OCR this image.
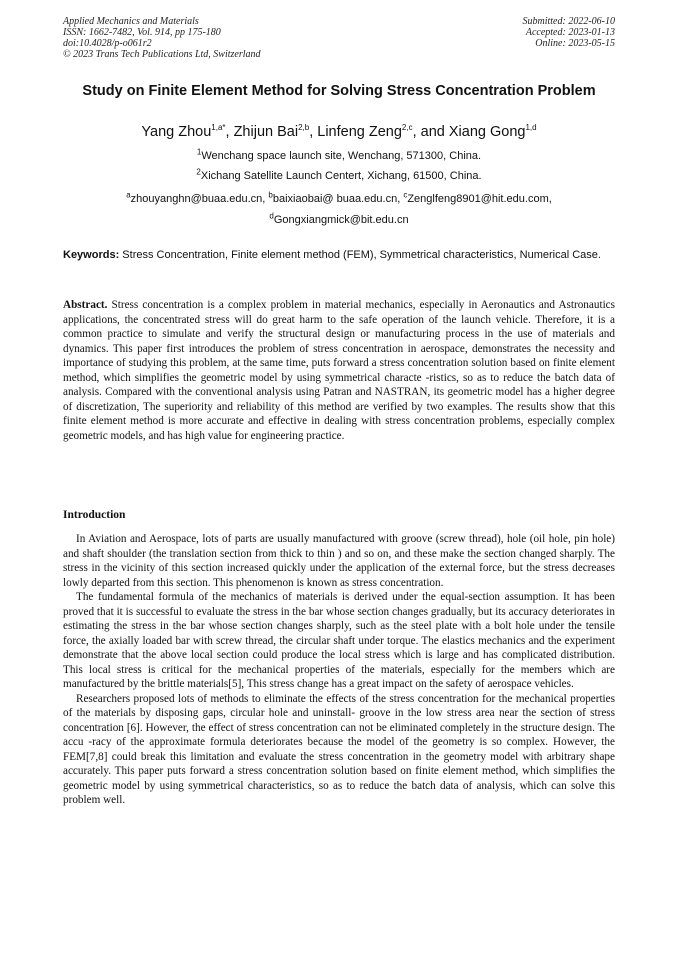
Applied Mechanics and Materials
ISSN: 1662-7482, Vol. 914, pp 175-180
doi:10.4028/p-o061r2
© 2023 Trans Tech Publications Ltd, Switzerland
Submitted: 2022-06-10
Accepted: 2023-01-13
Online: 2023-05-15
Study on Finite Element Method for Solving Stress Concentration Problem
Yang Zhou$^{1,a*}$, Zhijun Bai$^{2,b}$, Linfeng Zeng$^{2,c}$, and Xiang Gong$^{1,d}$
$^1$Wenchang space launch site, Wenchang, 571300, China.
$^2$Xichang Satellite Launch Centert, Xichang, 61500, China.
$^a$zhouyanghn@buaa.edu.cn, $^b$baixiaobai@ buaa.edu.cn, $^c$Zenglfeng8901@hit.edu.com,
$^d$Gongxiangmick@bit.edu.cn
Keywords: Stress Concentration, Finite element method (FEM), Symmetrical characteristics, Numerical Case.
Abstract. Stress concentration is a complex problem in material mechanics, especially in Aeronautics and Astronautics applications, the concentrated stress will do great harm to the safe operation of the launch vehicle. Therefore, it is a common practice to simulate and verify the structural design or manufacturing process in the use of materials and dynamics. This paper first introduces the problem of stress concentration in aerospace, demonstrates the necessity and importance of studying this problem, at the same time, puts forward a stress concentration solution based on finite element method, which simplifies the geometric model by using symmetrical characte -ristics, so as to reduce the batch data of analysis. Compared with the conventional analysis using Patran and NASTRAN, its geometric model has a higher degree of discretization, The superiority and reliability of this method are verified by two examples. The results show that this finite element method is more accurate and effective in dealing with stress concentration problems, especially complex geometric models, and has high value for engineering practice.
Introduction

In Aviation and Aerospace, lots of parts are usually manufactured with groove (screw thread), hole (oil hole, pin hole) and shaft shoulder (the translation section from thick to thin ) and so on, and these make the section changed sharply. The stress in the vicinity of this section increased quickly under the application of the external force, but the stress decreases lowly departed from this section. This phenomenon is known as stress concentration.

The fundamental formula of the mechanics of materials is derived under the equal-section assumption. It has been proved that it is successful to evaluate the stress in the bar whose section changes gradually, but its accuracy deteriorates in estimating the stress in the bar whose section changes sharply, such as the steel plate with a bolt hole under the tensile force, the axially loaded bar with screw thread, the circular shaft under torque. The elastics mechanics and the experiment demonstrate that the above local section could produce the local stress which is large and has complicated distribution. This local stress is critical for the mechanical properties of the materials, especially for the members which are manufactured by the brittle materials[5], This stress change has a great impact on the safety of aerospace vehicles.

Researchers proposed lots of methods to eliminate the effects of the stress concentration for the mechanical properties of the materials by disposing gaps, circular hole and uninstall- groove in the low stress area near the section of stress concentration [6]. However, the effect of stress concentration can not be eliminated completely in the structure design. The accu -racy of the approximate formula deteriorates because the model of the geometry is so complex. However, the FEM[7,8] could break this limitation and evaluate the stress concentration in the geometry model with arbitrary shape accurately. This paper puts forward a stress concentration solution based on finite element method, which simplifies the geometric model by using symmetrical characteristics, so as to reduce the batch data of analysis, which can solve this problem well.
